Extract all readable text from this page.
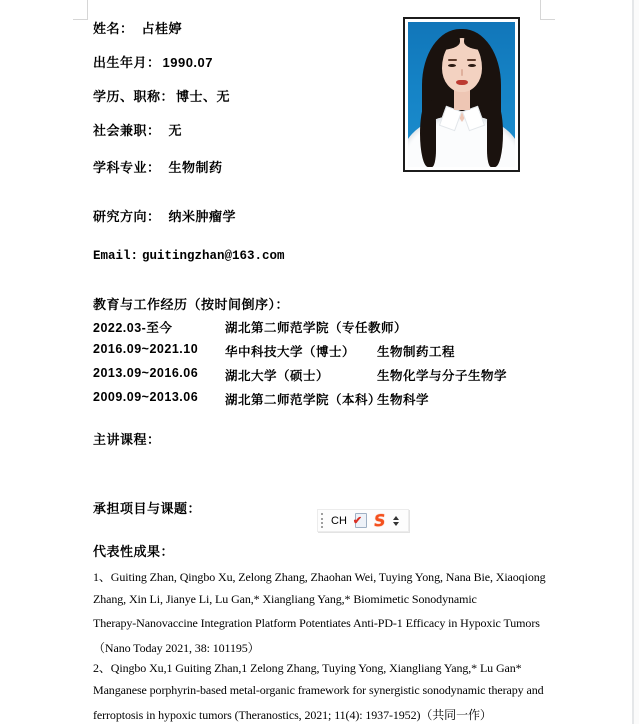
姓名： 占桂婷
出生年月： 1990.07
学历、职称： 博士、无
社会兼职： 无
学科专业： 生物制药
研究方向： 纳米肿瘤学
Email: guitingzhan@163.com
教育与工作经历（按时间倒序）：
2022.03-至今	湖北第二师范学院（专任教师）
2016.09~2021.10 华中科技大学（博士） 生物制药工程
2013.09~2016.06 湖北大学（硕士）	生物化学与分子生物学
2009.09~2013.06 湖北第二师范学院（本科）
生物科学
主讲课程：
承担项目与课题：
代表性成果：
1、Guiting Zhan, Qingbo Xu, Zelong Zhang, Zhaohan Wei, Tuying Yong, Nana Bie, Xiaoqiong
Zhang, Xin Li, Jianye Li, Lu Gan,* Xiangliang Yang,* Biomimetic Sonodynamic
Therapy-Nanovaccine Integration Platform Potentiates Anti-PD-1 Efficacy in Hypoxic Tumors
（Nano Today 2021, 38: 101195）
2、Qingbo Xu,1 Guiting Zhan,1 Zelong Zhang, Tuying Yong, Xiangliang Yang,* Lu Gan*
Manganese porphyrin-based metal-organic framework for synergistic sonodynamic therapy and
ferroptosis in hypoxic tumors (Theranostics, 2021; 11(4): 1937-1952)（共同一作）
CH ✔ S
